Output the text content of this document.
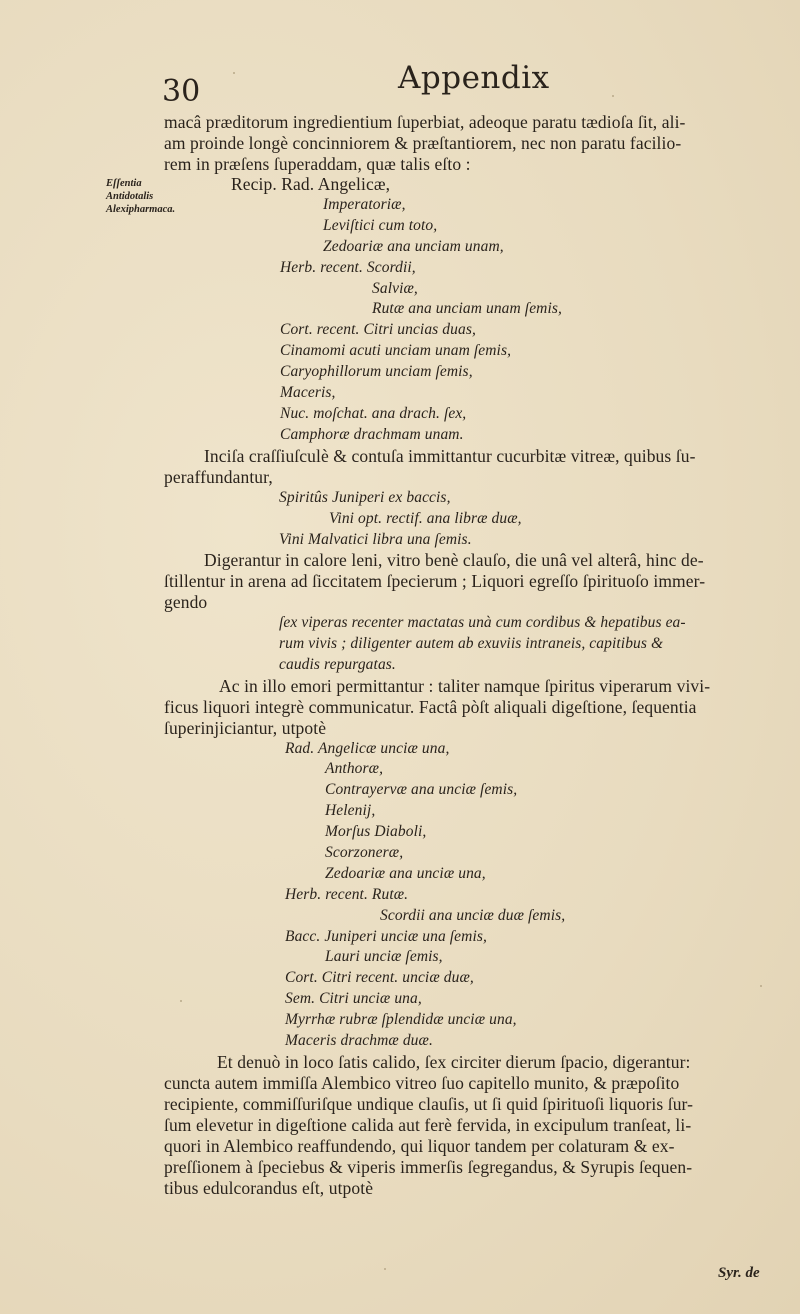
30	Appendix
Eſſentia Antidotalis Alexipharmaca.
macâ præditorum ingredientium ſuperbiat, adeoque paratu tædioſa ſit, ali-
am proinde longè concinniorem & præſtantiorem, nec non paratu facilio-
rem in præſens ſuperaddam, quæ talis eſto :
Recip. Rad. Angelicæ,
Imperatoriæ,
Leviſtici cum toto,
Zedoariæ ana unciam unam,
Herb. recent. Scordii,
Salviæ,
Rutæ ana unciam unam ſemis,
Cort. recent. Citri uncias duas,
Cinamomi acuti unciam unam ſemis,
Caryophillorum unciam ſemis,
Maceris,
Nuc. moſchat. ana drach. ſex,
Camphoræ drachmam unam.
Inciſa craſſiuſculè & contuſa immittantur cucurbitæ vitreæ, quibus ſu-
peraffundantur,
Spiritûs Juniperi ex baccis,
Vini opt. rectif. ana libræ duæ,
Vini Malvatici libra una ſemis.
Digerantur in calore leni, vitro benè clauſo, die unâ vel alterâ, hinc de-
ſtillentur in arena ad ſiccitatem ſpecierum ; Liquori egreſſo ſpirituoſo immer-
gendo
ſex viperas recenter mactatas unà cum cordibus & hepatibus ea-
rum vivis ; diligenter autem ab exuviis intraneis, capitibus &
caudis repurgatas.
Ac in illo emori permittantur : taliter namque ſpiritus viperarum vivi-
ficus liquori integrè communicatur. Factâ pòſt aliquali digeſtione, ſequentia
ſuperinjiciantur, utpotè
Rad. Angelicæ unciæ una,
Anthoræ,
Contrayervæ ana unciæ ſemis,
Helenij,
Morſus Diaboli,
Scorzoneræ,
Zedoariæ ana unciæ una,
Herb. recent. Rutæ.
Scordii ana unciæ duæ ſemis,
Bacc. Juniperi unciæ una ſemis,
Lauri unciæ ſemis,
Cort. Citri recent. unciæ duæ,
Sem. Citri unciæ una,
Myrrhæ rubræ ſplendidæ unciæ una,
Maceris drachmæ duæ.
Et denuò in loco ſatis calido, ſex circiter dierum ſpacio, digerantur:
cuncta autem immiſſa Alembico vitreo ſuo capitello munito, & præpoſito
recipiente, commiſſuriſque undique clauſis, ut ſi quid ſpirituoſi liquoris ſur-
ſum elevetur in digeſtione calida aut ferè fervida, in excipulum tranſeat, li-
quori in Alembico reaffundendo, qui liquor tandem per colaturam & ex-
preſſionem à ſpeciebus & viperis immerſis ſegregandus, & Syrupis ſequen-
tibus edulcorandus eſt, utpotè
Syr. de
